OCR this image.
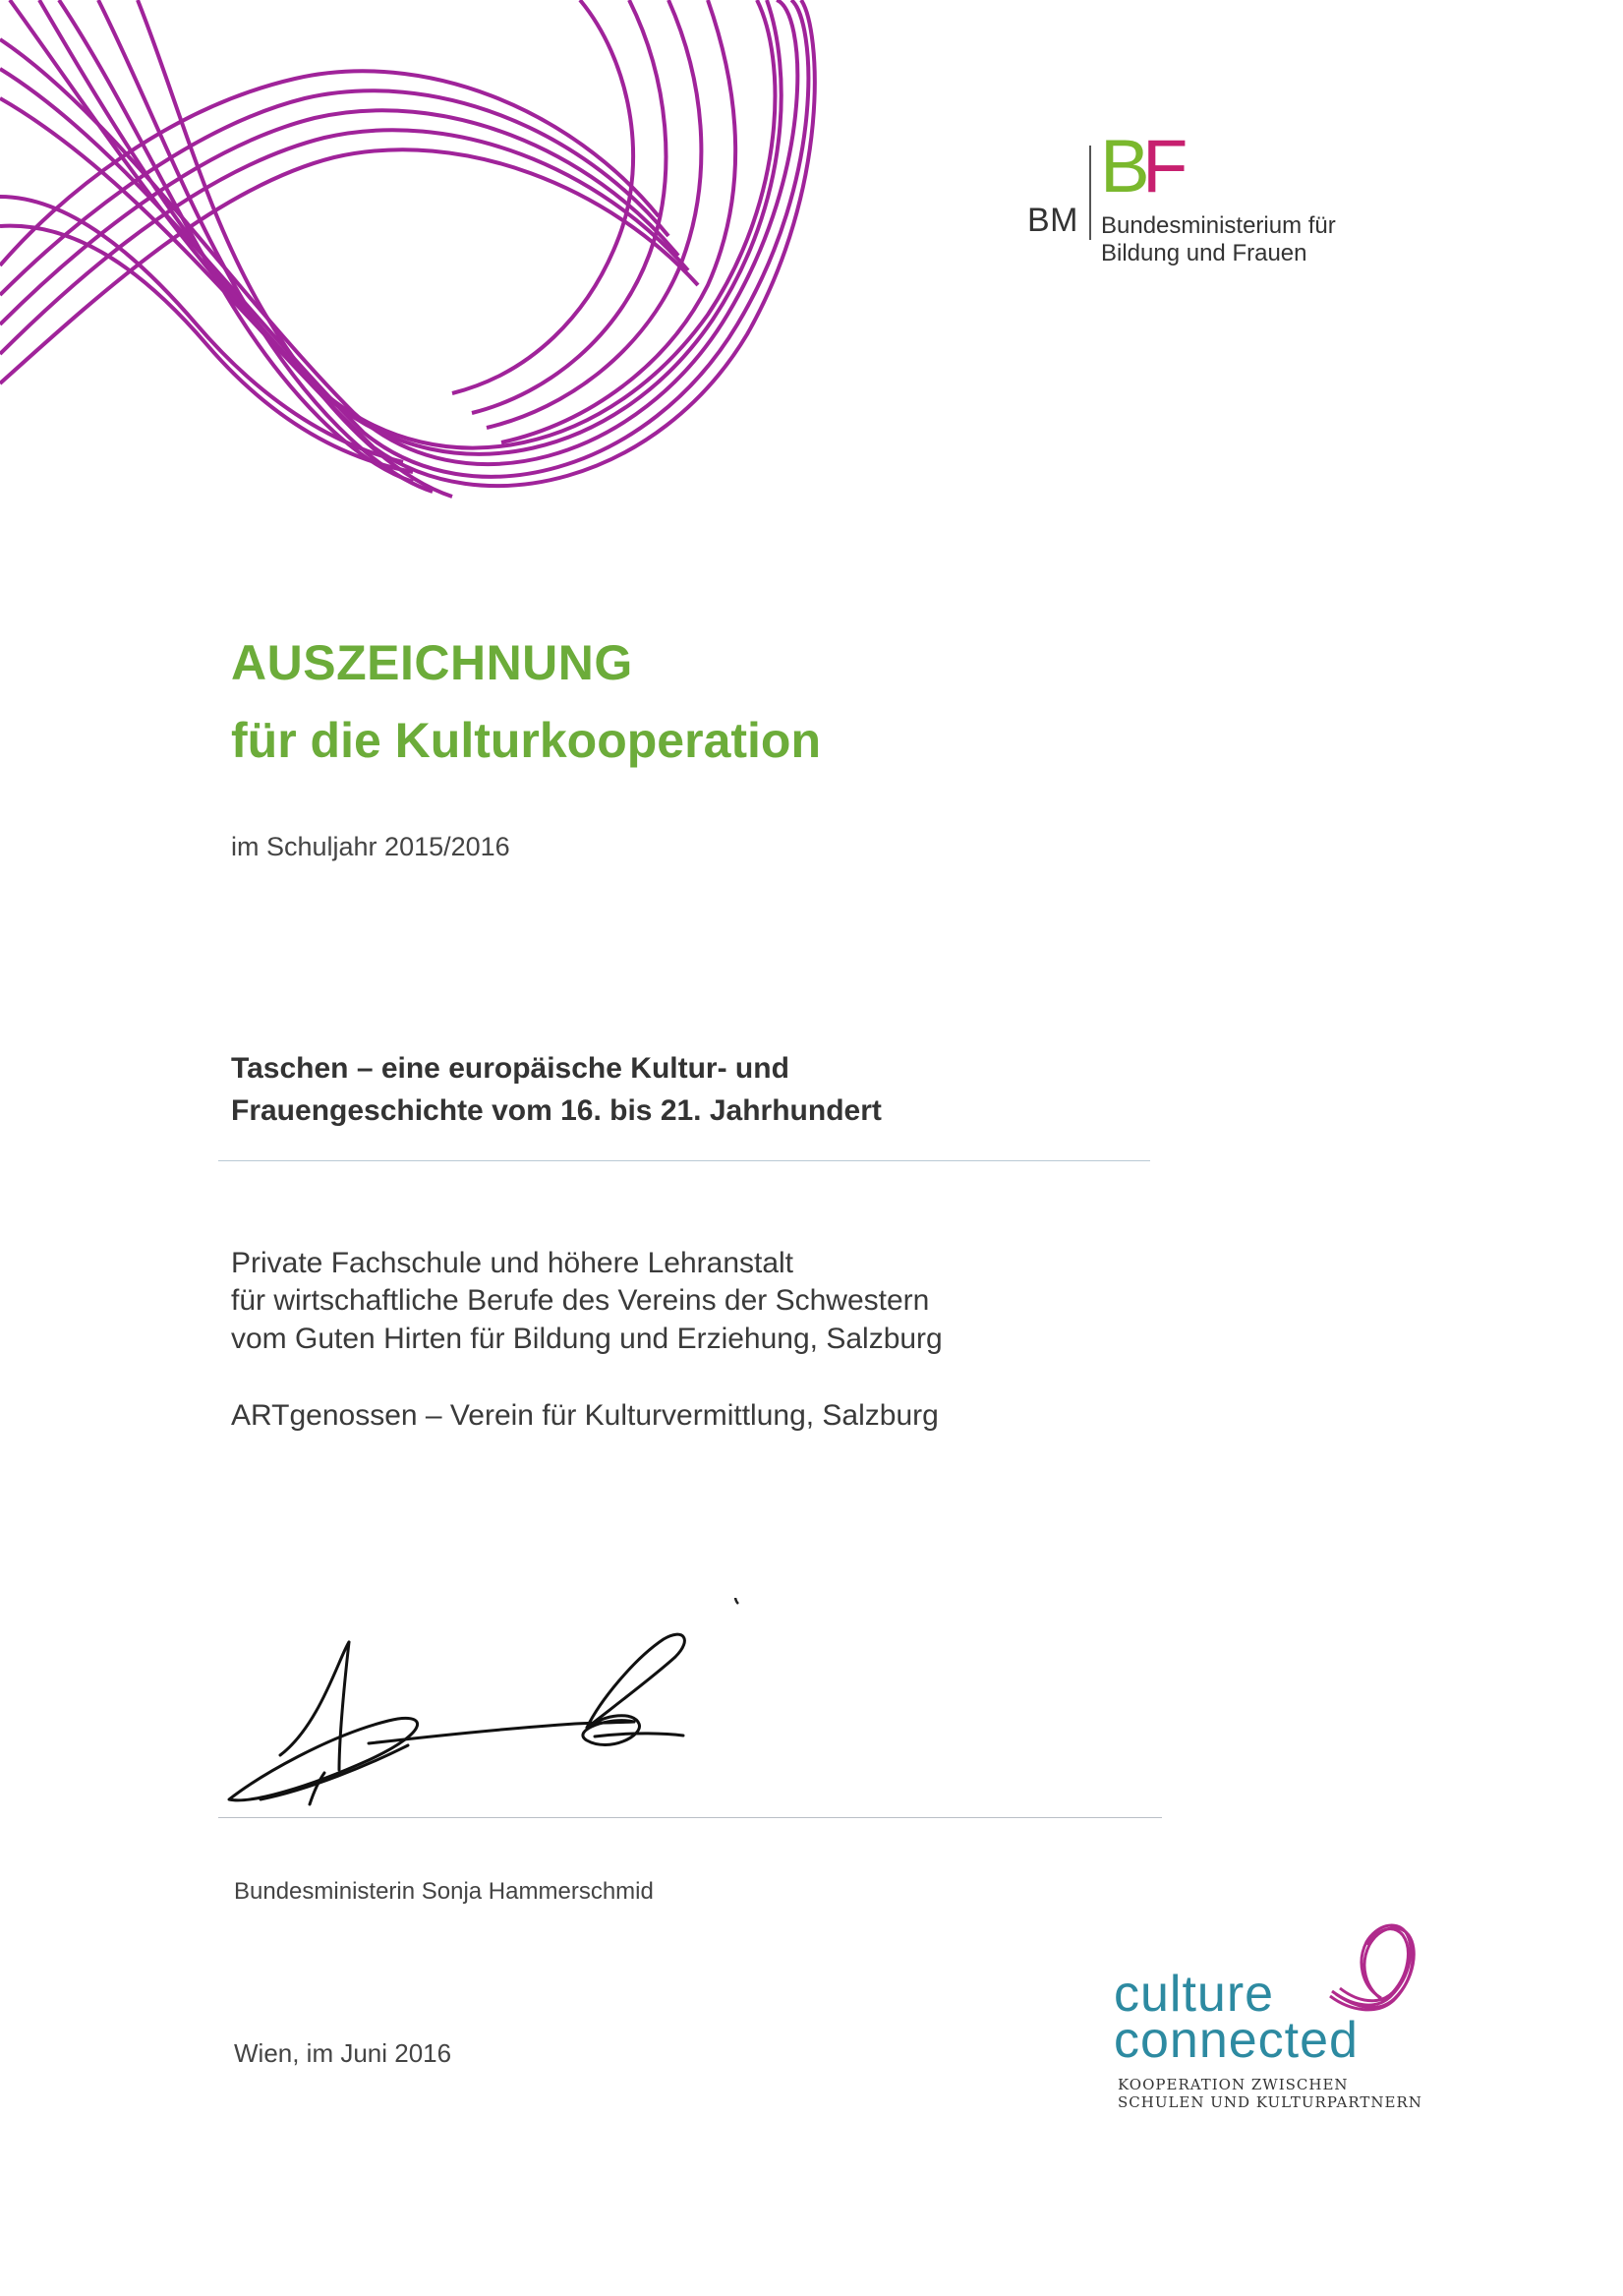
BM
B
F
Bundesministerium für
Bildung und Frauen
AUSZEICHNUNG
für die Kulturkooperation
im Schuljahr 2015/2016
Taschen – eine europäische Kultur- und
Frauengeschichte vom 16. bis 21. Jahrhundert
Private Fachschule und höhere Lehranstalt
für wirtschaftliche Berufe des Vereins der Schwestern
vom Guten Hirten für Bildung und Erziehung, Salzburg
ARTgenossen – Verein für Kulturvermittlung, Salzburg
Bundesministerin Sonja Hammerschmid
Wien, im Juni 2016
culture
connected
KOOPERATION ZWISCHEN
SCHULEN UND KULTURPARTNERN
